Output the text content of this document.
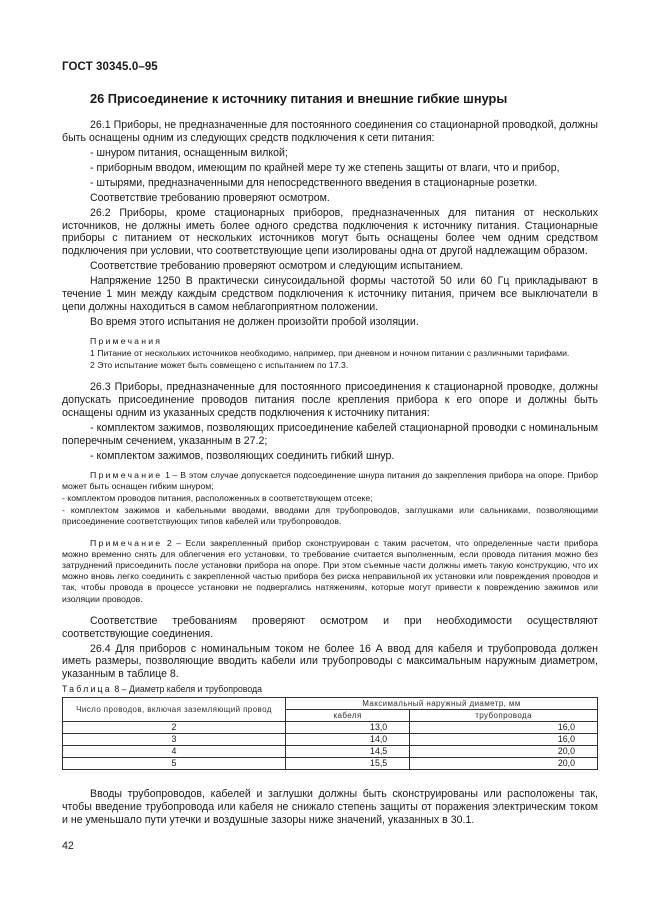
ГОСТ 30345.0–95
26 Присоединение к источнику питания и внешние гибкие шнуры

26.1 Приборы, не предназначенные для постоянного соединения со стационарной проводкой, должны быть оснащены одним из следующих средств подключения к сети питания:

- шнуром питания, оснащенным вилкой;

- приборным вводом, имеющим по крайней мере ту же степень защиты от влаги, что и прибор,

- штырями, предназначенными для непосредственного введения в стационарные розетки.

Соответствие требованию проверяют осмотром.

26.2 Приборы, кроме стационарных приборов, предназначенных для питания от нескольких источников, не должны иметь более одного средства подключения к источнику питания. Стационарные приборы с питанием от нескольких источников могут быть оснащены более чем одним средством подключения при условии, что соответствующие цепи изолированы одна от другой надлежащим образом.

Соответствие требованию проверяют осмотром и следующим испытанием.

Напряжение 1250 В практически синусоидальной формы частотой 50 или 60 Гц прикладывают в течение 1 мин между каждым средством подключения к источнику питания, причем все выключатели в цепи должны находиться в самом неблагоприятном положении.

Во время этого испытания не должен произойти пробой изоляции.

Примечания

1 Питание от нескольких источников необходимо, например, при дневном и ночном питании с различными тарифами.

2 Это испытание может быть совмещено с испытанием по 17.3.

26.3 Приборы, предназначенные для постоянного присоединения к стационарной проводке, должны допускать присоединение проводов питания после крепления прибора к его опоре и должны быть оснащены одним из указанных средств подключения к источнику питания:

- комплектом зажимов, позволяющих присоединение кабелей стационарной проводки с номинальным поперечным сечением, указанным в 27.2;

- комплектом зажимов, позволяющих соединить гибкий шнур.

Примечание 1 – В этом случае допускается подсоединение шнура питания до закрепления прибора на опоре. Прибор может быть оснащен гибким шнуром;

- комплектом проводов питания, расположенных в соответствующем отсеке;

- комплектом зажимов и кабельными вводами, вводами для трубопроводов, заглушками или сальниками, позволяющими присоединение соответствующих типов кабелей или трубопроводов.

Примечание 2 – Если закрепленный прибор сконструирован с таким расчетом, что определенные части прибора можно временно снять для облегчения его установки, то требование считается выполненным, если провода питания можно без затруднений присоединить после установки прибора на опоре. При этом съемные части должны иметь такую конструкцию, что их можно вновь легко соединить с закрепленной частью прибора без риска неправильной их установки или повреждения проводов и так, чтобы провода в процессе установки не подвергались натяжениям, которые могут привести к повреждению зажимов или изоляции проводов.

Соответствие требованиям проверяют осмотром и при необходимости осуществляют соответствующие соединения.

26.4 Для приборов с номинальным током не более 16 А ввод для кабеля и трубопровода должен иметь размеры, позволяющие вводить кабели или трубопроводы с максимальным наружным диаметром, указанным в таблице 8.

Таблица 8 – Диаметр кабеля и трубопровода

Число проводов, включая заземляющий провод	Максимальный наружный диаметр, мм	
	кабеля	трубопровода
2	13,0	16,0
3	14,0	16,0
4	14,5	20,0
5	15,5	20,0

Вводы трубопроводов, кабелей и заглушки должны быть сконструированы или расположены так, чтобы введение трубопровода или кабеля не снижало степень защиты от поражения электрическим током и не уменьшало пути утечки и воздушные зазоры ниже значений, указанных в 30.1.

42
